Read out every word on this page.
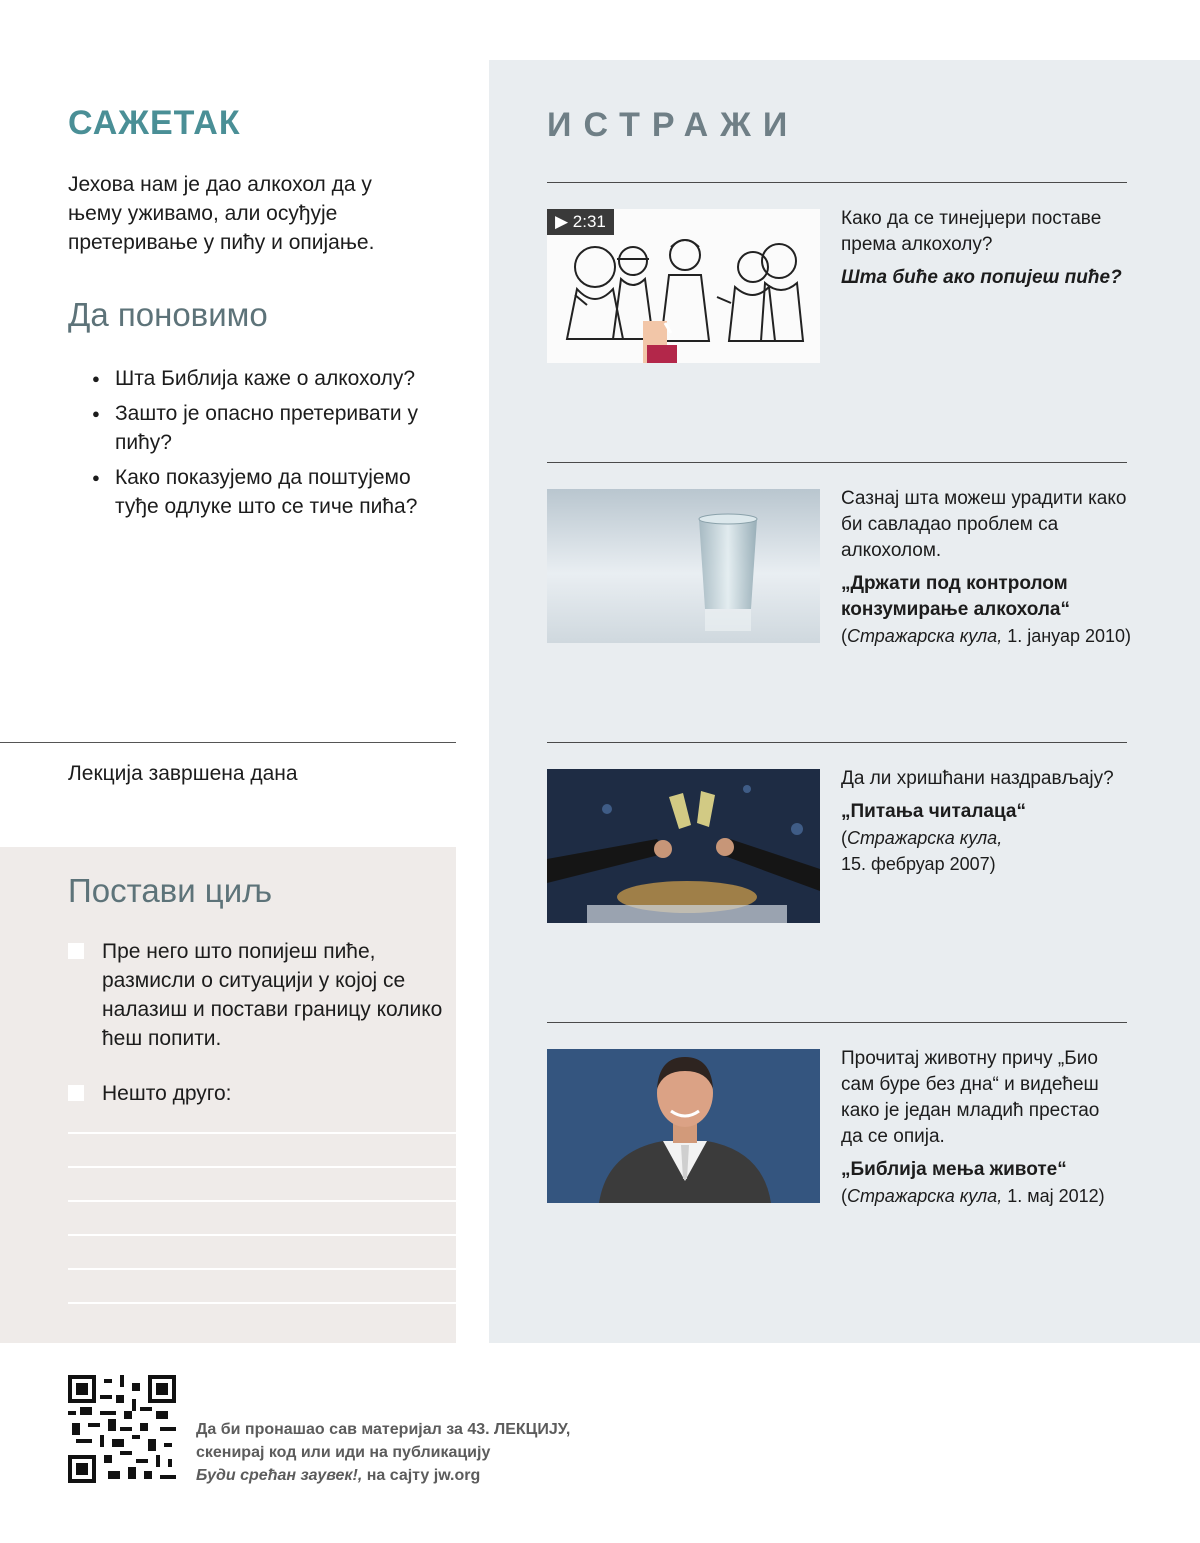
САЖЕТАК
Јехова нам је дао алкохол да у њему уживамо, али осуђује претеривање у пићу и опијање.
Да поновимо
● Шта Библија каже о алкохолу?
● Зашто је опасно претеривати у пићу?
● Како показујемо да поштујемо туђе одлуке што се тиче пића?
Лекција завршена дана
Постави циљ
Пре него што попијеш пиће, размисли о ситуацији у којој се налазиш и постави границу колико ћеш попити.
Нешто друго:
ИСТРАЖИ
▶ 2:31	Како да се тинејџери поставе према алкохолу?
Шта биће ако попијеш пиће?
Сазнај шта можеш урадити како би савладао проблем са алкохолом.
„Држати под контролом конзумирање алкохола“
(Стражарска кула, 1. јануар 2010)
Да ли хришћани наздрављају?
„Питања читалаца“
(Стражарска кула,
15. фебруар 2007)
Прочитај животну причу „Био сам буре без дна“ и видећеш како је један младић престао да се опија.
„Библија мења животе“
(Стражарска кула, 1. мај 2012)
Да би пронашао сав материјал за 43. ЛЕКЦИЈУ,
скенирај код или иди на публикацију
Буди срећан заувек!, на сајту jw.org
